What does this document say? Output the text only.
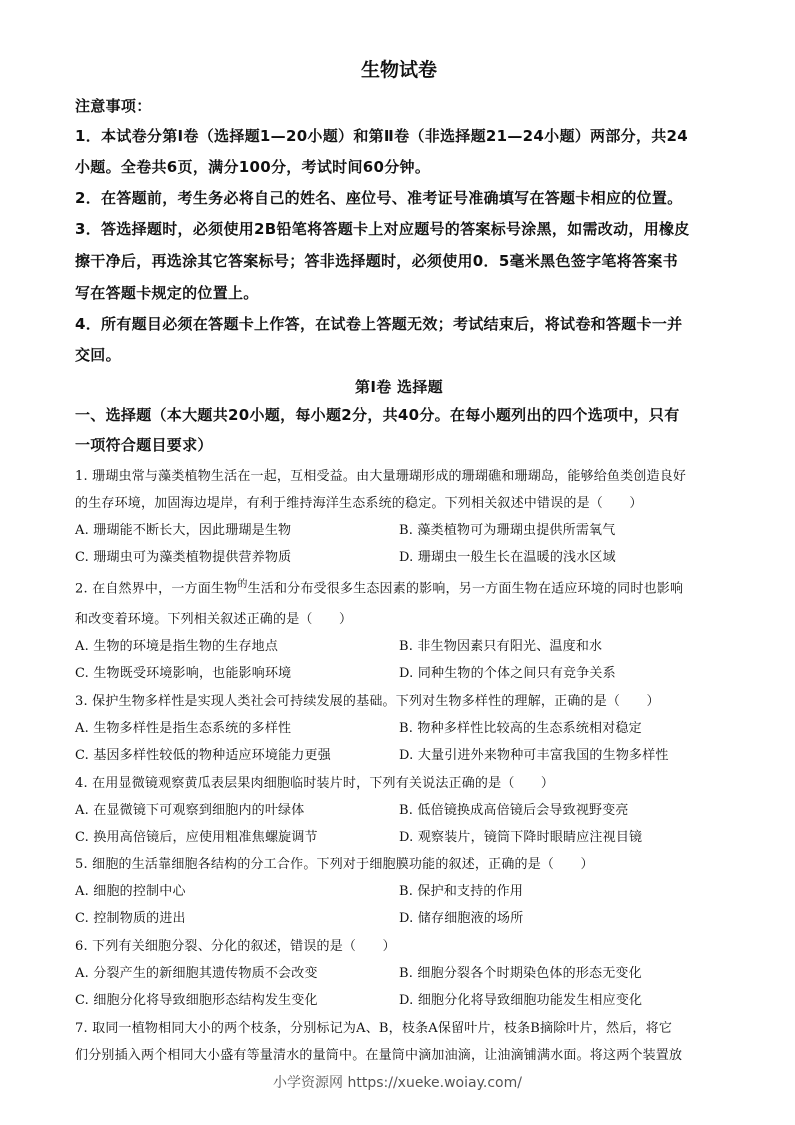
生物试卷
注意事项：
1．本试卷分第Ⅰ卷（选择题1—20小题）和第Ⅱ卷（非选择题21—24小题）两部分，共24
小题。全卷共6页，满分100分，考试时间60分钟。
2．在答题前，考生务必将自己的姓名、座位号、准考证号准确填写在答题卡相应的位置。
3．答选择题时，必须使用2B铅笔将答题卡上对应题号的答案标号涂黑，如需改动，用橡皮
擦干净后，再选涂其它答案标号；答非选择题时，必须使用0．5毫米黑色签字笔将答案书
写在答题卡规定的位置上。
4．所有题目必须在答题卡上作答，在试卷上答题无效；考试结束后，将试卷和答题卡一并
交回。
第Ⅰ卷 选择题
一、选择题（本大题共20小题，每小题2分，共40分。在每小题列出的四个选项中，只有
一项符合题目要求）
1. 珊瑚虫常与藻类植物生活在一起，互相受益。由大量珊瑚形成的珊瑚礁和珊瑚岛，能够给鱼类创造良好
的生存环境，加固海边堤岸，有利于维持海洋生态系统的稳定。下列相关叙述中错误的是（　　）
A. 珊瑚能不断长大，因此珊瑚是生物	B. 藻类植物可为珊瑚虫提供所需氧气
C. 珊瑚虫可为藻类植物提供营养物质	D. 珊瑚虫一般生长在温暖的浅水区域
2. 在自然界中，一方面生物$^的$生活和分布受很多生态因素的影响，另一方面生物在适应环境的同时也影响
和改变着环境。下列相关叙述正确的是（　　）
A. 生物的环境是指生物的生存地点	B. 非生物因素只有阳光、温度和水
C. 生物既受环境影响，也能影响环境	D. 同种生物的个体之间只有竞争关系
3. 保护生物多样性是实现人类社会可持续发展的基础。下列对生物多样性的理解，正确的是（　　）
A. 生物多样性是指生态系统的多样性	B. 物种多样性比较高的生态系统相对稳定
C. 基因多样性较低的物种适应环境能力更强	D. 大量引进外来物种可丰富我国的生物多样性
4. 在用显微镜观察黄瓜表层果肉细胞临时装片时，下列有关说法正确的是（　　）
A. 在显微镜下可观察到细胞内的叶绿体	B. 低倍镜换成高倍镜后会导致视野变亮
C. 换用高倍镜后，应使用粗准焦螺旋调节	D. 观察装片，镜筒下降时眼睛应注视目镜
5. 细胞的生活靠细胞各结构的分工合作。下列对于细胞膜功能的叙述，正确的是（　　）
A. 细胞的控制中心	B. 保护和支持的作用
C. 控制物质的进出	D. 储存细胞液的场所
6. 下列有关细胞分裂、分化的叙述，错误的是（　　）
A. 分裂产生的新细胞其遗传物质不会改变	B. 细胞分裂各个时期染色体的形态无变化
C. 细胞分化将导致细胞形态结构发生变化	D. 细胞分化将导致细胞功能发生相应变化
7. 取同一植物相同大小的两个枝条，分别标记为A、B，枝条A保留叶片，枝条B摘除叶片，然后，将它
们分别插入两个相同大小盛有等量清水的量筒中。在量筒中滴加油滴，让油滴铺满水面。将这两个装置放
小学资源网 https://xueke.woiay.com/
